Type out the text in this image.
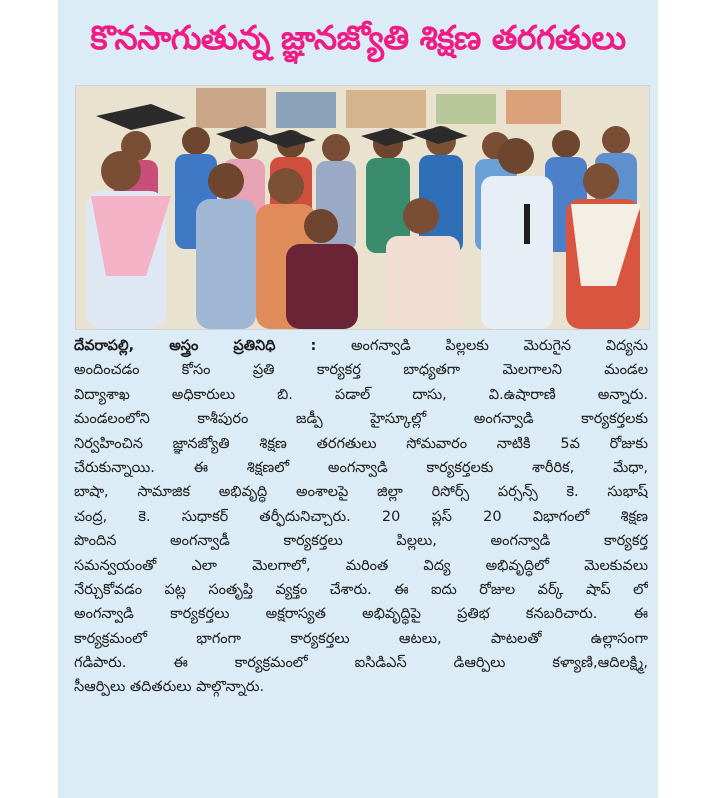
కొనసాగుతున్న జ్ఞానజ్యోతి శిక్షణ తరగతులు
దేవరాపల్లి, అస్త్రం ప్రతినిధి : అంగన్వాడి పిల్లలకు మెరుగైన విద్యను
అందించడం కోసం ప్రతి కార్యకర్త బాధ్యతగా మెలగాలని మండల
విద్యాశాఖ అధికారులు బి. పడాల్ దాసు, వి.ఉషారాణి అన్నారు.
మండలంలోని కాశీపురం జడ్పీ హైస్కూల్లో అంగన్వాడి కార్యకర్తలకు
నిర్వహించిన జ్ఞానజ్యోతి శిక్షణ తరగతులు సోమవారం నాటికి 5వ రోజుకు
చేరుకున్నాయి. ఈ శిక్షణలో అంగన్వాడి కార్యకర్తలకు శారీరిక, మేధా,
బాషా, సామాజిక అభివృద్ధి అంశాలపై జిల్లా రిసోర్స్ పర్సన్స్ కె. సుభాష్
చంద్ర, కె. సుధాకర్ తర్ఫీదునిచ్చారు. 20 ప్లస్ 20 విభాగంలో శిక్షణ
పొందిన అంగన్వాడీ కార్యకర్తలు పిల్లలు, అంగన్వాడి కార్యకర్త
సమన్వయంతో ఎలా మెలగాలో, మరింత విద్య అభివృద్ధిలో మెలకువలు
నేర్చుకోవడం పట్ల సంతృప్తి వ్యక్తం చేశారు. ఈ ఐదు రోజుల వర్క్ షాప్ లో
అంగన్వాడి కార్యకర్తలు అక్షరాస్యత అభివృద్ధిపై ప్రతిభ కనబరిచారు. ఈ
కార్యక్రమంలో భాగంగా కార్యకర్తలు ఆటలు, పాటలతో ఉల్లాసంగా
గడిపారు. ఈ కార్యక్రమంలో ఐసిడిఎస్ డిఆర్పిలు కళ్యాణి,ఆదిలక్ష్మి,
సీఆర్పిలు తదితరులు పాల్గొన్నారు.
